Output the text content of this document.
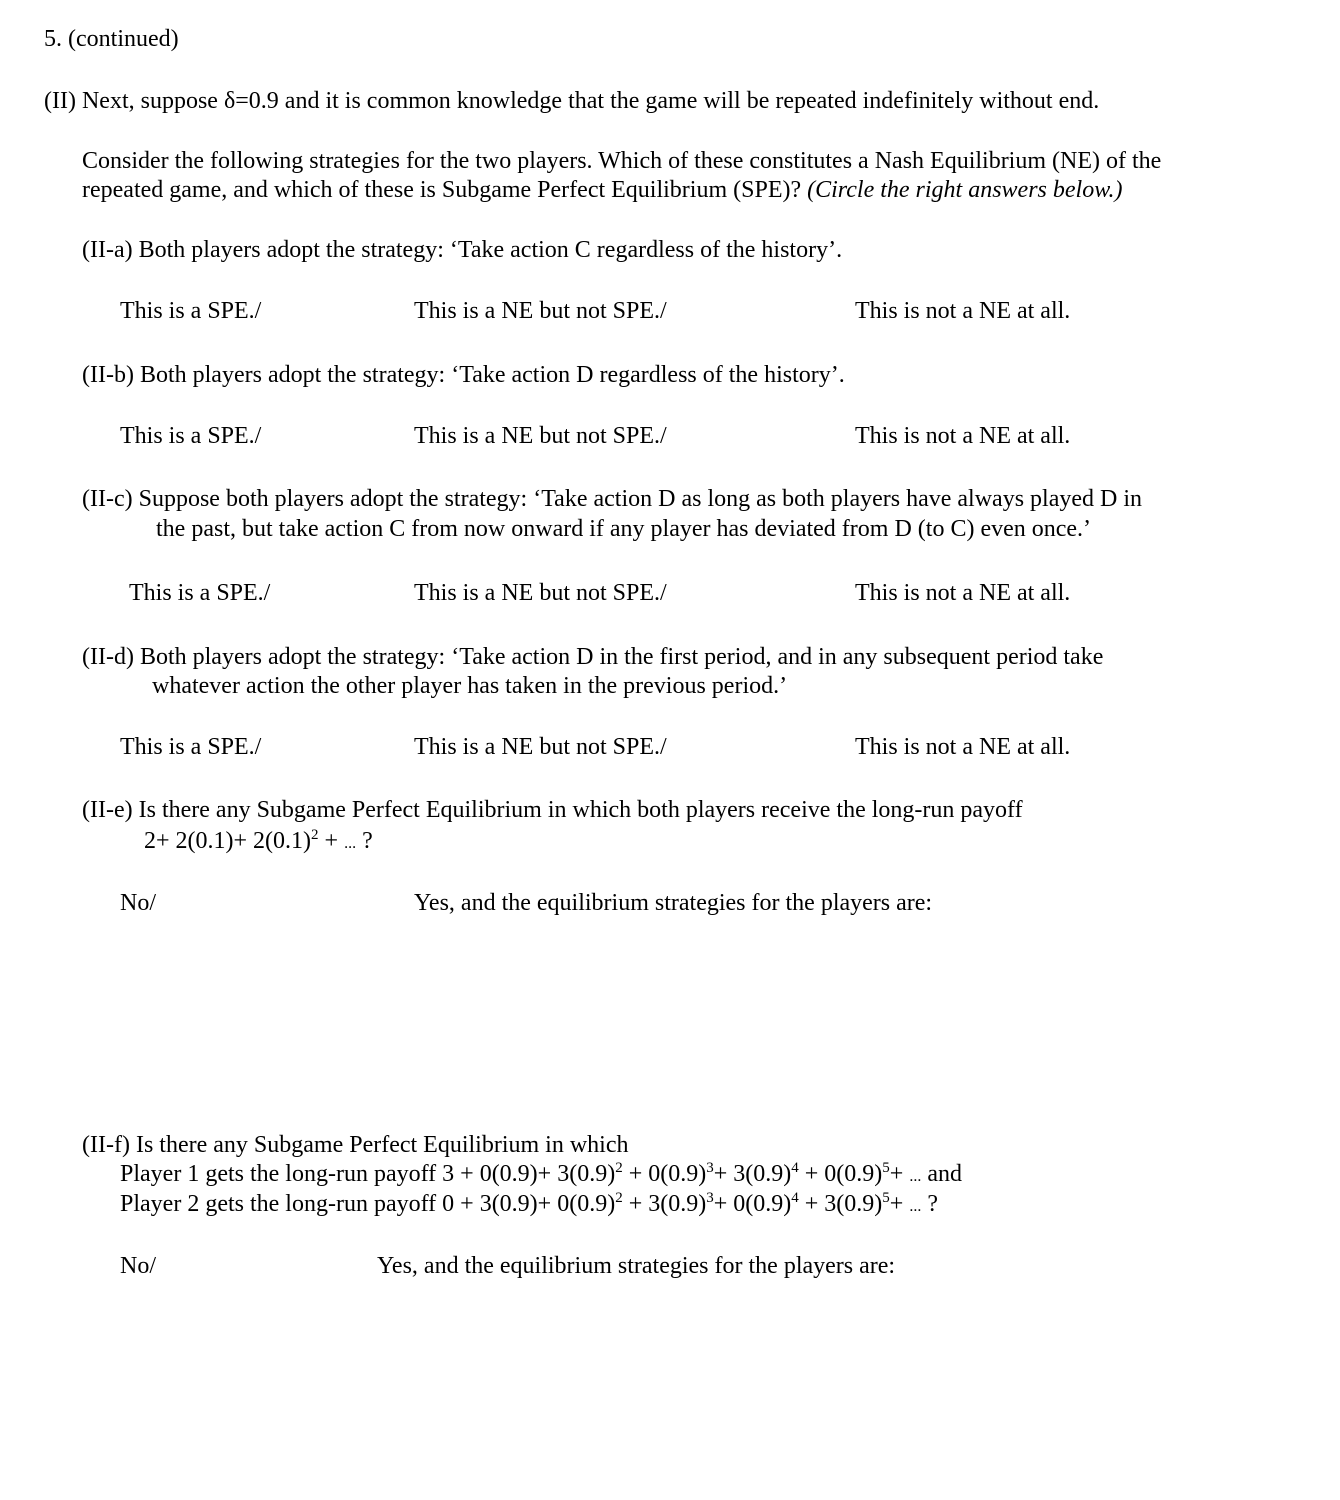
5. (continued)
(II) Next, suppose δ=0.9 and it is common knowledge that the game will be repeated indefinitely without end.
Consider the following strategies for the two players. Which of these constitutes a Nash Equilibrium (NE) of the
repeated game, and which of these is Subgame Perfect Equilibrium (SPE)? (Circle the right answers below.)
(II-a) Both players adopt the strategy: ‘Take action C regardless of the history’.
This is a SPE./	This is a NE but not SPE./	This is not a NE at all.
(II-b) Both players adopt the strategy: ‘Take action D regardless of the history’.
This is a SPE./	This is a NE but not SPE./	This is not a NE at all.
(II-c) Suppose both players adopt the strategy: ‘Take action D as long as both players have always played D in
the past, but take action C from now onward if any player has deviated from D (to C) even once.’
This is a SPE./	This is a NE but not SPE./	This is not a NE at all.
(II-d) Both players adopt the strategy: ‘Take action D in the first period, and in any subsequent period take
whatever action the other player has taken in the previous period.’
This is a SPE./	This is a NE but not SPE./	This is not a NE at all.
(II-e) Is there any Subgame Perfect Equilibrium in which both players receive the long-run payoff
$2+ 2(0.1)+ 2(0.1)^2$ + ... ?
No/	Yes, and the equilibrium strategies for the players are:
(II-f) Is there any Subgame Perfect Equilibrium in which
Player 1 gets the long-run payoff $3 + 0(0.9)+ 3(0.9)^2 + 0(0.9)^3+ 3(0.9)^4 + 0(0.9)^5+$ ... and
Player 2 gets the long-run payoff $0 + 3(0.9)+ 0(0.9)^2 + 3(0.9)^3+ 0(0.9)^4 + 3(0.9)^5+$ ... ?
No/	Yes, and the equilibrium strategies for the players are:
